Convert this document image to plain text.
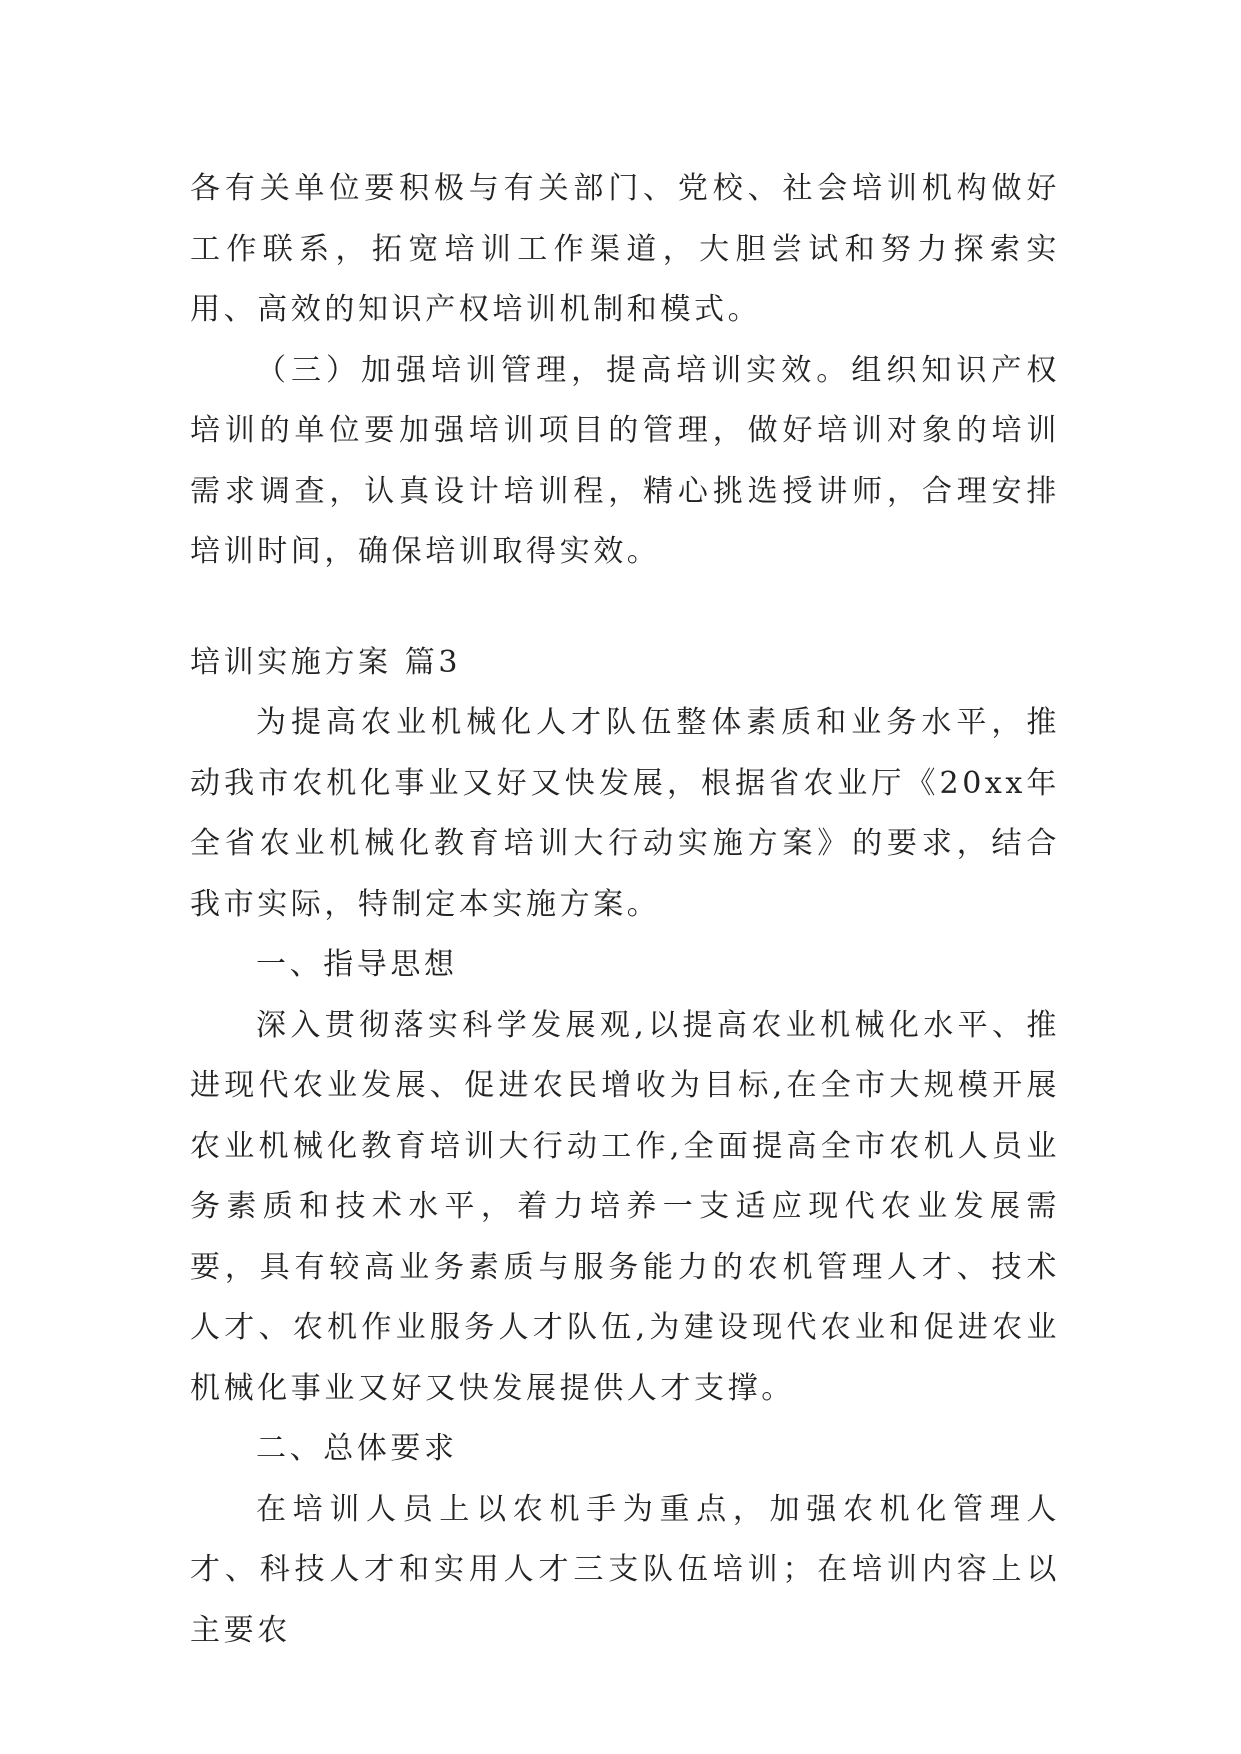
各有关单位要积极与有关部门、党校、社会培训机构做好工作联系，拓宽培训工作渠道，大胆尝试和努力探索实用、高效的知识产权培训机制和模式。

（三）加强培训管理，提高培训实效。组织知识产权培训的单位要加强培训项目的管理，做好培训对象的培训需求调查，认真设计培训程，精心挑选授讲师，合理安排培训时间，确保培训取得实效。

培训实施方案 篇3

为提高农业机械化人才队伍整体素质和业务水平，推动我市农机化事业又好又快发展，根据省农业厅《20xx年全省农业机械化教育培训大行动实施方案》的要求，结合我市实际，特制定本实施方案。

一、指导思想

深入贯彻落实科学发展观,以提高农业机械化水平、推进现代农业发展、促进农民增收为目标,在全市大规模开展农业机械化教育培训大行动工作,全面提高全市农机人员业务素质和技术水平，着力培养一支适应现代农业发展需要，具有较高业务素质与服务能力的农机管理人才、技术人才、农机作业服务人才队伍,为建设现代农业和促进农业机械化事业又好又快发展提供人才支撑。

二、总体要求

在培训人员上以农机手为重点，加强农机化管理人才、科技人才和实用人才三支队伍培训；在培训内容上以主要农
